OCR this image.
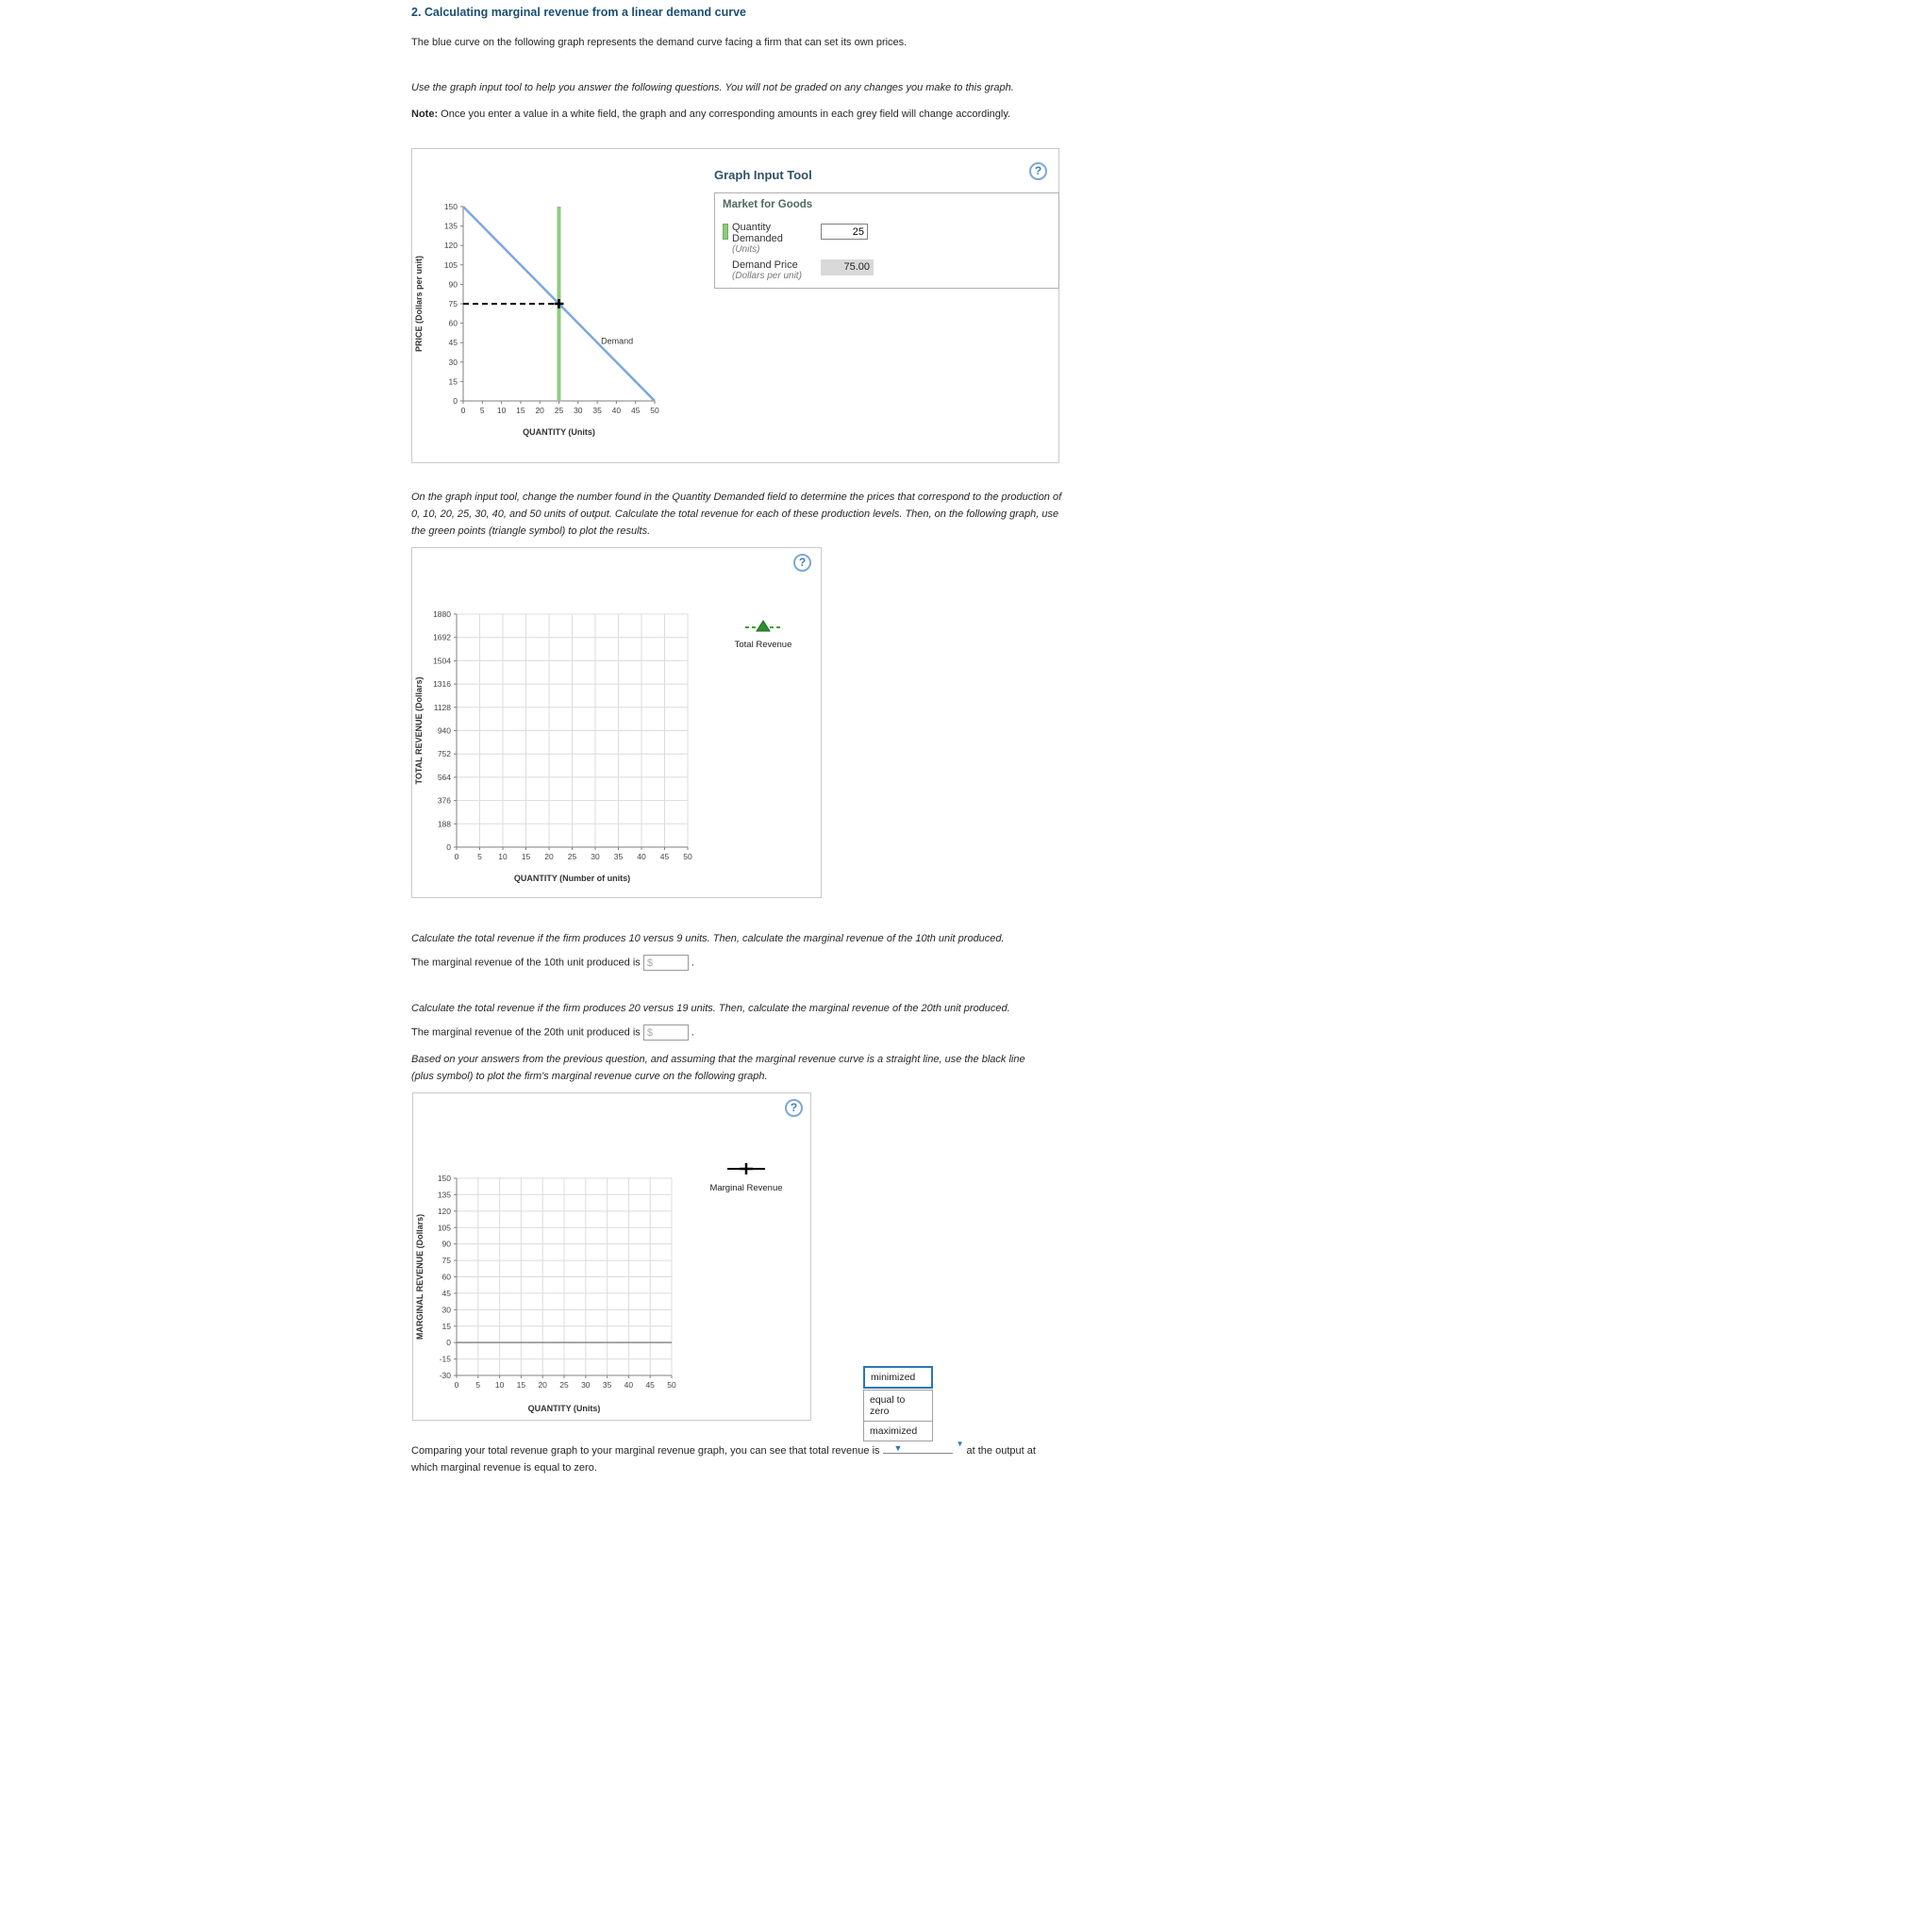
2. Calculating marginal revenue from a linear demand curve

The blue curve on the following graph represents the demand curve facing a firm that can set its own prices.

Use the graph input tool to help you answer the following questions. You will not be graded on any changes you make to this graph.

Note: Once you enter a value in a white field, the graph and any corresponding amounts in each grey field will change accordingly.

0 5 10 15 20 25 30 35 40 45 50
0
15
30
45
60
75
90
105
120
135
150
QUANTITY (Units)
PRICE (Dollars per unit)	Demand
Graph Input Tool	?
Market for Goods
Quantity
Demanded
(Units)
25
Demand Price
(Dollars per unit)
75.00

On the graph input tool, change the number found in the Quantity Demanded field to determine the prices that correspond to the production of 0, 10, 20, 25, 30, 40, and 50 units of output. Calculate the total revenue for each of these production levels. Then, on the following graph, use the green points (triangle symbol) to plot the results.

?
0 5 10 15 20 25 30 35 40 45 50
0
188
376
564
752
940
1128
1316
1504
1692
1880
QUANTITY (Number of units)
TOTAL REVENUE (Dollars)
Total Revenue

Calculate the total revenue if the firm produces 10 versus 9 units. Then, calculate the marginal revenue of the 10th unit produced.

The marginal revenue of the 10th unit produced is $	.

Calculate the total revenue if the firm produces 20 versus 19 units. Then, calculate the marginal revenue of the 20th unit produced.

The marginal revenue of the 20th unit produced is $	.

Based on your answers from the previous question, and assuming that the marginal revenue curve is a straight line, use the black line (plus symbol) to plot the firm's marginal revenue curve on the following graph.

?
0 5 10 15 20 25 30 35 40 45 50
-30
-15
0
15
30
45
60
75
90
105
120
135
150
QUANTITY (Units)
MARGINAL REVENUE (Dollars)
Marginal Revenue
minimized
equal to zero
maximized
▼
Comparing your total revenue graph to your marginal revenue graph, you can see that total revenue is
▼
at the output at
which marginal revenue is equal to zero.
